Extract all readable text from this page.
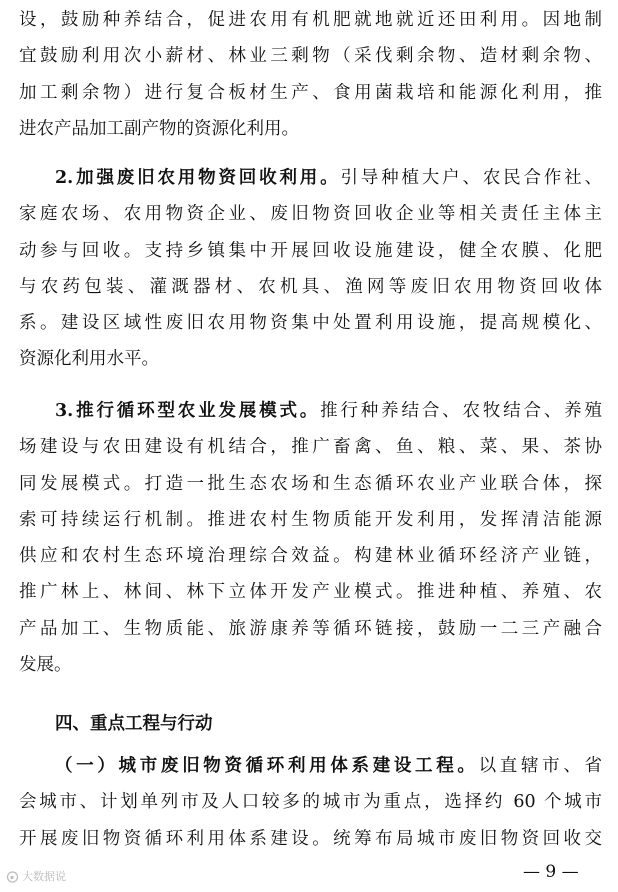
设，鼓励种养结合，促进农用有机肥就地就近还田利用。因地制
宜鼓励利用次小薪材、林业三剩物（采伐剩余物、造材剩余物、
加工剩余物）进行复合板材生产、食用菌栽培和能源化利用，推
进农产品加工副产物的资源化利用。
2.加强废旧农用物资回收利用。引导种植大户、农民合作社、
家庭农场、农用物资企业、废旧物资回收企业等相关责任主体主
动参与回收。支持乡镇集中开展回收设施建设，健全农膜、化肥
与农药包装、灌溉器材、农机具、渔网等废旧农用物资回收体
系。建设区域性废旧农用物资集中处置利用设施，提高规模化、
资源化利用水平。
3.推行循环型农业发展模式。推行种养结合、农牧结合、养殖
场建设与农田建设有机结合，推广畜禽、鱼、粮、菜、果、茶协
同发展模式。打造一批生态农场和生态循环农业产业联合体，探
索可持续运行机制。推进农村生物质能开发利用，发挥清洁能源
供应和农村生态环境治理综合效益。构建林业循环经济产业链，
推广林上、林间、林下立体开发产业模式。推进种植、养殖、农
产品加工、生物质能、旅游康养等循环链接，鼓励一二三产融合
发展。
四、重点工程与行动
（一）城市废旧物资循环利用体系建设工程。以直辖市、省
会城市、计划单列市及人口较多的城市为重点，选择约 60 个城市
开展废旧物资循环利用体系建设。统筹布局城市废旧物资回收交
大数据说	— 9 —
